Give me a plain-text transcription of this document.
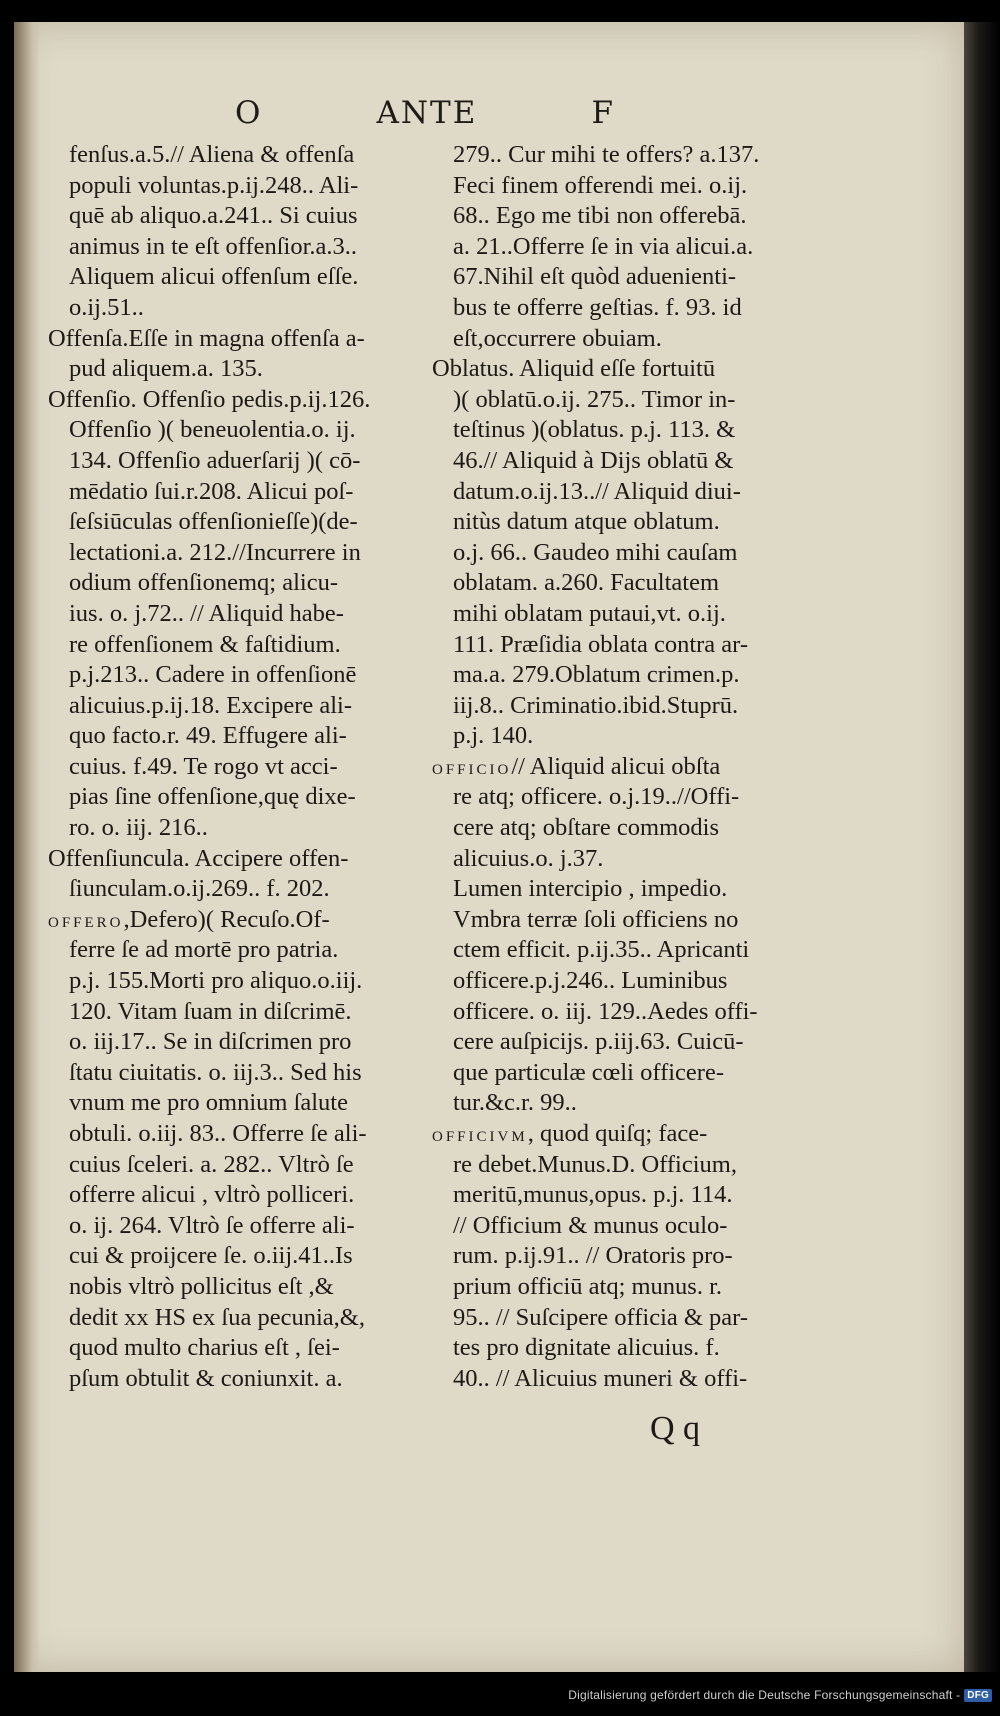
O	ANTE	F
fenſus.a.5.// Aliena & offenſa
populi voluntas.p.ij.248.. Ali-
quē ab aliquo.a.241.. Si cuius
animus in te eſt offenſior.a.3..
Aliquem alicui offenſum eſſe.
o.ij.51..
Offenſa.Eſſe in magna offenſa a-
pud aliquem.a. 135.
Offenſio. Offenſio pedis.p.ij.126.
Offenſio )( beneuolentia.o. ij.
134. Offenſio aduerſarij )( cō-
mēdatio ſui.r.208. Alicui poſ-
ſeſsiūculas offenſionieſſe)(de-
lectationi.a. 212.//Incurrere in
odium offenſionemq; alicu-
ius. o. j.72.. // Aliquid habe-
re offenſionem & faſtidium.
p.j.213.. Cadere in offenſionē
alicuius.p.ij.18. Excipere ali-
quo facto.r. 49. Effugere ali-
cuius. f.49. Te rogo vt acci-
pias ſine offenſione,quę dixe-
ro. o. iij. 216..
Offenſiuncula. Accipere offen-
ſiunculam.o.ij.269.. f. 202.
OFFERO,Defero)( Recuſo.Of-
ferre ſe ad mortē pro patria.
p.j. 155.Morti pro aliquo.o.iij.
120. Vitam ſuam in diſcrimē.
o. iij.17.. Se in diſcrimen pro
ſtatu ciuitatis. o. iij.3.. Sed his
vnum me pro omnium ſalute
obtuli. o.iij. 83.. Offerre ſe ali-
cuius ſceleri. a. 282.. Vltrò ſe
offerre alicui , vltrò polliceri.
o. ij. 264. Vltrò ſe offerre ali-
cui & proijcere ſe. o.iij.41..Is
nobis vltrò pollicitus eſt ,&
dedit xx HS ex ſua pecunia,&,
quod multo charius eſt , ſei-
pſum obtulit & coniunxit. a.
279.. Cur mihi te offers? a.137.
Feci finem offerendi mei. o.ij.
68.. Ego me tibi non offerebā.
a. 21..Offerre ſe in via alicui.a.
67.Nihil eſt quòd aduenienti-
bus te offerre geſtias. f. 93. id
eſt,occurrere obuiam.
Oblatus. Aliquid eſſe fortuitū
)( oblatū.o.ij. 275.. Timor in-
teſtinus )(oblatus. p.j. 113. &
46.// Aliquid à Dijs oblatū &
datum.o.ij.13..// Aliquid diui-
nitùs datum atque oblatum.
o.j. 66.. Gaudeo mihi cauſam
oblatam. a.260. Facultatem
mihi oblatam putaui,vt. o.ij.
111. Præſidia oblata contra ar-
ma.a. 279.Oblatum crimen.p.
iij.8.. Criminatio.ibid.Stuprū.
p.j. 140.
OFFICIO// Aliquid alicui obſta
re atq; officere. o.j.19..//Offi-
cere atq; obſtare commodis
alicuius.o. j.37.
Lumen intercipio , impedio.
Vmbra terræ ſoli officiens no
ctem efficit. p.ij.35.. Apricanti
officere.p.j.246.. Luminibus
officere. o. iij. 129..Aedes offi-
cere auſpicijs. p.iij.63. Cuicū-
que particulæ cœli officere-
tur.&c.r. 99..
OFFICIVM, quod quiſq; face-
re debet.Munus.D. Officium,
meritū,munus,opus. p.j. 114.
// Officium & munus oculo-
rum. p.ij.91.. // Oratoris pro-
prium officiū atq; munus. r.
95.. // Suſcipere officia & par-
tes pro dignitate alicuius. f.
40.. // Alicuius muneri & offi-
Q q
Digitalisierung gefördert durch die Deutsche Forschungsgemeinschaft - DFG
